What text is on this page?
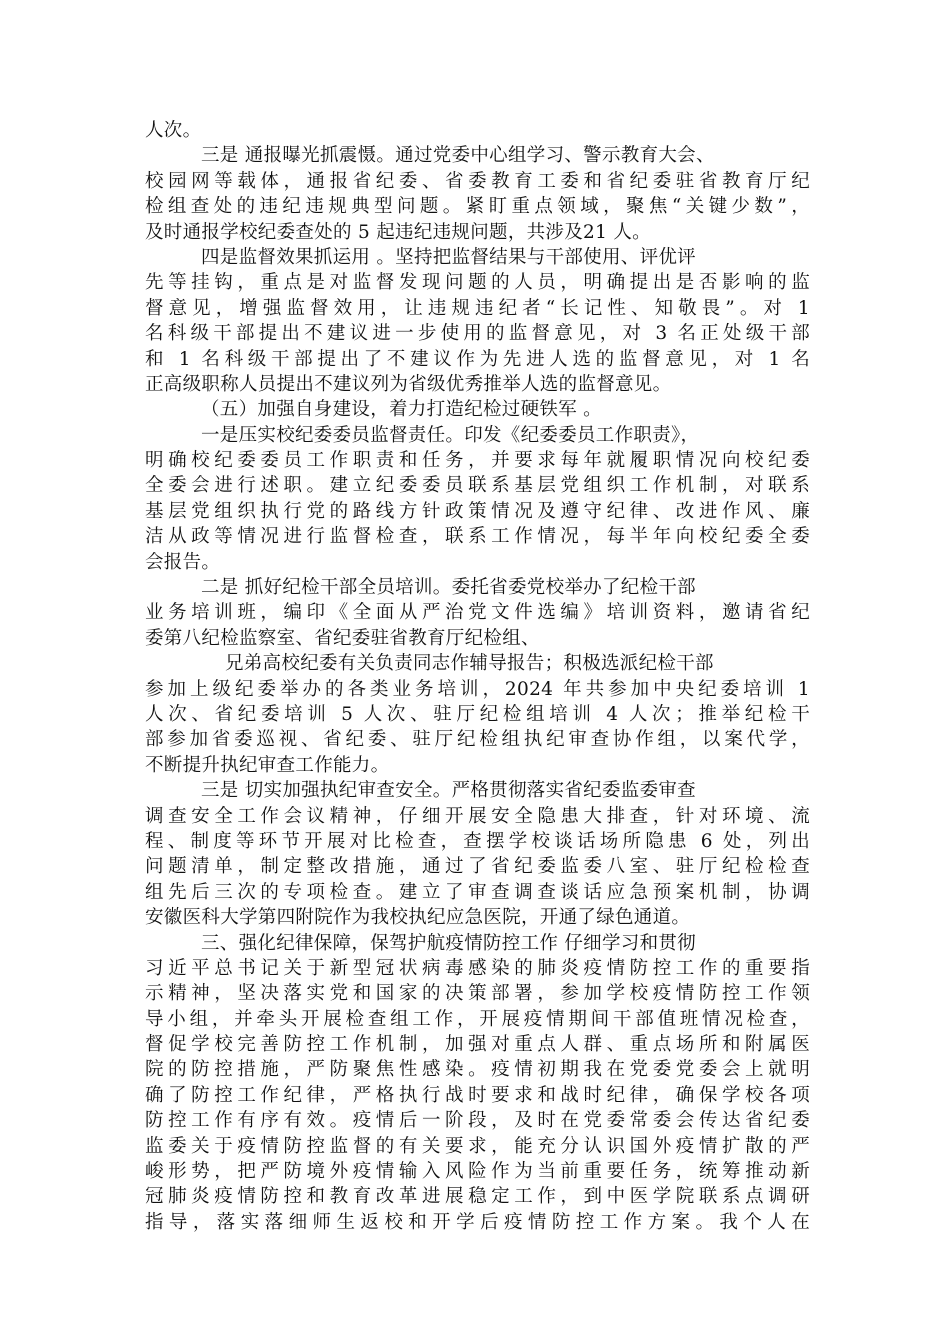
人次。
三是 通报曝光抓震慑。通过党委中心组学习、警示教育大会、
校园网等载体，通报省纪委、省委教育工委和省纪委驻省教育厅纪
检组查处的违纪违规典型问题。紧盯重点领域，聚焦“关键少数”，
及时通报学校纪委查处的 5 起违纪违规问题，共涉及21 人。
四是监督效果抓运用 。坚持把监督结果与干部使用、评优评
先等挂钩，重点是对监督发现问题的人员，明确提出是否影响的监
督意见，增强监督效用，让违规违纪者“长记性、知敬畏”。对 1
名科级干部提出不建议进一步使用的监督意见，对 3 名正处级干部
和 1 名科级干部提出了不建议作为先进人选的监督意见，对 1 名
正高级职称人员提出不建议列为省级优秀推举人选的监督意见。
（五）加强自身建设，着力打造纪检过硬铁军 。
一是压实校纪委委员监督责任。印发《纪委委员工作职责》，
明确校纪委委员工作职责和任务，并要求每年就履职情况向校纪委
全委会进行述职。建立纪委委员联系基层党组织工作机制，对联系
基层党组织执行党的路线方针政策情况及遵守纪律、改进作风、廉
洁从政等情况进行监督检查，联系工作情况，每半年向校纪委全委
会报告。
二是 抓好纪检干部全员培训。委托省委党校举办了纪检干部
业务培训班，编印《全面从严治党文件选编》培训资料，邀请省纪
委第八纪检监察室、省纪委驻省教育厅纪检组、
兄弟高校纪委有关负责同志作辅导报告；积极选派纪检干部
参加上级纪委举办的各类业务培训，2024 年共参加中央纪委培训 1
人次、省纪委培训 5 人次、驻厅纪检组培训 4 人次；推举纪检干
部参加省委巡视、省纪委、驻厅纪检组执纪审查协作组，以案代学，
不断提升执纪审查工作能力。
三是 切实加强执纪审查安全。严格贯彻落实省纪委监委审查
调查安全工作会议精神，仔细开展安全隐患大排查，针对环境、流
程、制度等环节开展对比检查，查摆学校谈话场所隐患 6 处，列出
问题清单，制定整改措施，通过了省纪委监委八室、驻厅纪检检查
组先后三次的专项检查。建立了审查调查谈话应急预案机制，协调
安徽医科大学第四附院作为我校执纪应急医院，开通了绿色通道。
三、强化纪律保障，保驾护航疫情防控工作 仔细学习和贯彻
习近平总书记关于新型冠状病毒感染的肺炎疫情防控工作的重要指
示精神，坚决落实党和国家的决策部署，参加学校疫情防控工作领
导小组，并牵头开展检查组工作，开展疫情期间干部值班情况检查，
督促学校完善防控工作机制，加强对重点人群、重点场所和附属医
院的防控措施，严防聚焦性感染。疫情初期我在党委党委会上就明
确了防控工作纪律，严格执行战时要求和战时纪律，确保学校各项
防控工作有序有效。疫情后一阶段，及时在党委常委会传达省纪委
监委关于疫情防控监督的有关要求，能充分认识国外疫情扩散的严
峻形势，把严防境外疫情输入风险作为当前重要任务，统筹推动新
冠肺炎疫情防控和教育改革进展稳定工作，到中医学院联系点调研
指导，落实落细师生返校和开学后疫情防控工作方案。我个人在
